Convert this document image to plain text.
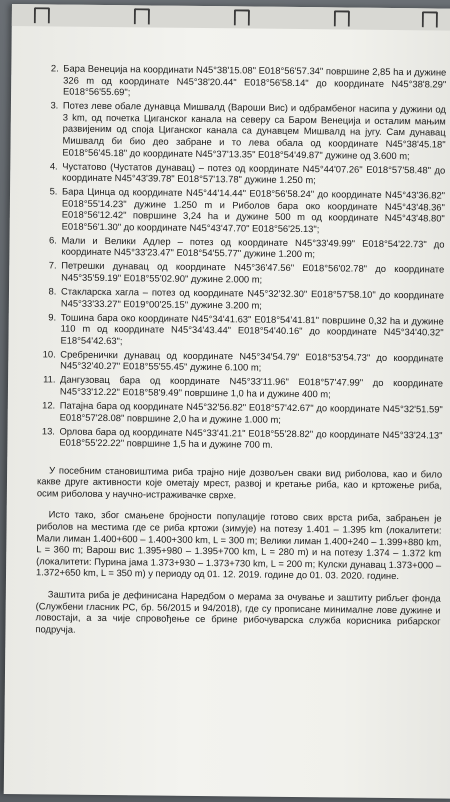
2. Бара Венеција на координати N45°38'15.08" E018°56'57.34" површине 2,85 ha и дужине 326 m од координате N45°38'20.44" E018°56'58.14" до координате N45°38'8.29" E018°56'55.69";
3. Потез леве обале дунавца Мишвалд (Вароши Вис) и одбрамбеног насипа у дужини од 3 km, од почетка Циганског канала на северу са Баром Венеција и осталим мањим развијеним од споја Циганског канала са дунавцем Мишвалд на југу. Сам дунавац Мишвалд би био део забране и то лева обала од координате N45°38'45.18" E018°56'45.18" до координате N45°37'13.35" E018°54'49.87" дужине од 3.600 m;
4. Чустатово (Чустатов дунавац) – потез од координате N45°44'07.26" E018°57'58.48" до координате N45°43'39.78" E018°57'13.78" дужине 1.250 m;
5. Бара Цинца од координате N45°44'14.44" E018°56'58.24" до координате N45°43'36.82" E018°55'14.23" дужине 1.250 m и Риболов бара око координате N45°43'48.36" E018°56'12.42" површине 3,24 ha и дужине 500 m од координате N45°43'48.80" E018°56'1.30" до координате N45°43'47.70" E018°56'25.13";
6. Мали и Велики Адлер – потез од координате N45°33'49.99" E018°54'22.73" до координате N45°33'23.47" E018°54'55.77" дужине 1.200 m;
7. Петрешки дунавац од координате N45°36'47.56" E018°56'02.78" до координате N45°35'59.19" E018°55'02.90" дужине 2.000 m;
8. Стакларска хагла – потез од координате N45°32'32.30" E018°57'58.10" до координате N45°33'33.27" E019°00'25.15" дужине 3.200 m;
9. Тошина бара око координате N45°34'41.63" E018°54'41.81" површине 0,32 ha и дужине 110 m од координате N45°34'43.44" E018°54'40.16" до координате N45°34'40.32" E18°54'42.63";
10. Сребренички дунавац од координате N45°34'54.79" E018°53'54.73" до координате N45°32'40.27" E018°55'55.45" дужине 6.100 m;
11. Дангузовац бара од координате N45°33'11.96" E018°57'47.99" до координате N45°33'12.22" E018°58'9.49" површине 1,0 ha и дужине 400 m;
12. Патајна бара од координате N45°32'56.82" E018°57'42.67" до координате N45°32'51.59" E018°57'28.08" површине 2,0 ha и дужине 1.000 m;
13. Орлова бара од координате N45°33'41.21" E018°55'28.82" до координате N45°33'24.13" E018°55'22.22" површине 1,5 ha и дужине 700 m.

У посебним становиштима риба трајно није дозвољен сваки вид риболова, као и било какве друге активности које ометају мрест, развој и кретање риба, као и кртожење риба, осим риболова у научно-истраживачке сврхе.

Исто тако, због смањене бројности популације готово свих врста риба, забрањен је риболов на местима где се риба кртожи (зимује) на потезу 1.401 – 1.395 km (локалитети: Мали лиман 1.400+600 – 1.400+300 km, L = 300 m; Велики лиман 1.400+240 – 1.399+880 km, L = 360 m; Варош вис 1.395+980 – 1.395+700 km, L = 280 m) и на потезу 1.374 – 1.372 km (локалитети: Пурина јама 1.373+930 – 1.373+730 km, L = 200 m; Кулски дунавац 1.373+000 – 1.372+650 km, L = 350 m) у периоду од 01. 12. 2019. године до 01. 03. 2020. године.

Заштита риба је дефинисана Наредбом о мерама за очување и заштиту рибљег фонда (Службени гласник РС, бр. 56/2015 и 94/2018), где су прописане минималне лове дужине и ловостаји, а за чије спровођење се брине рибочуварска служба корисника рибарског подручја.
